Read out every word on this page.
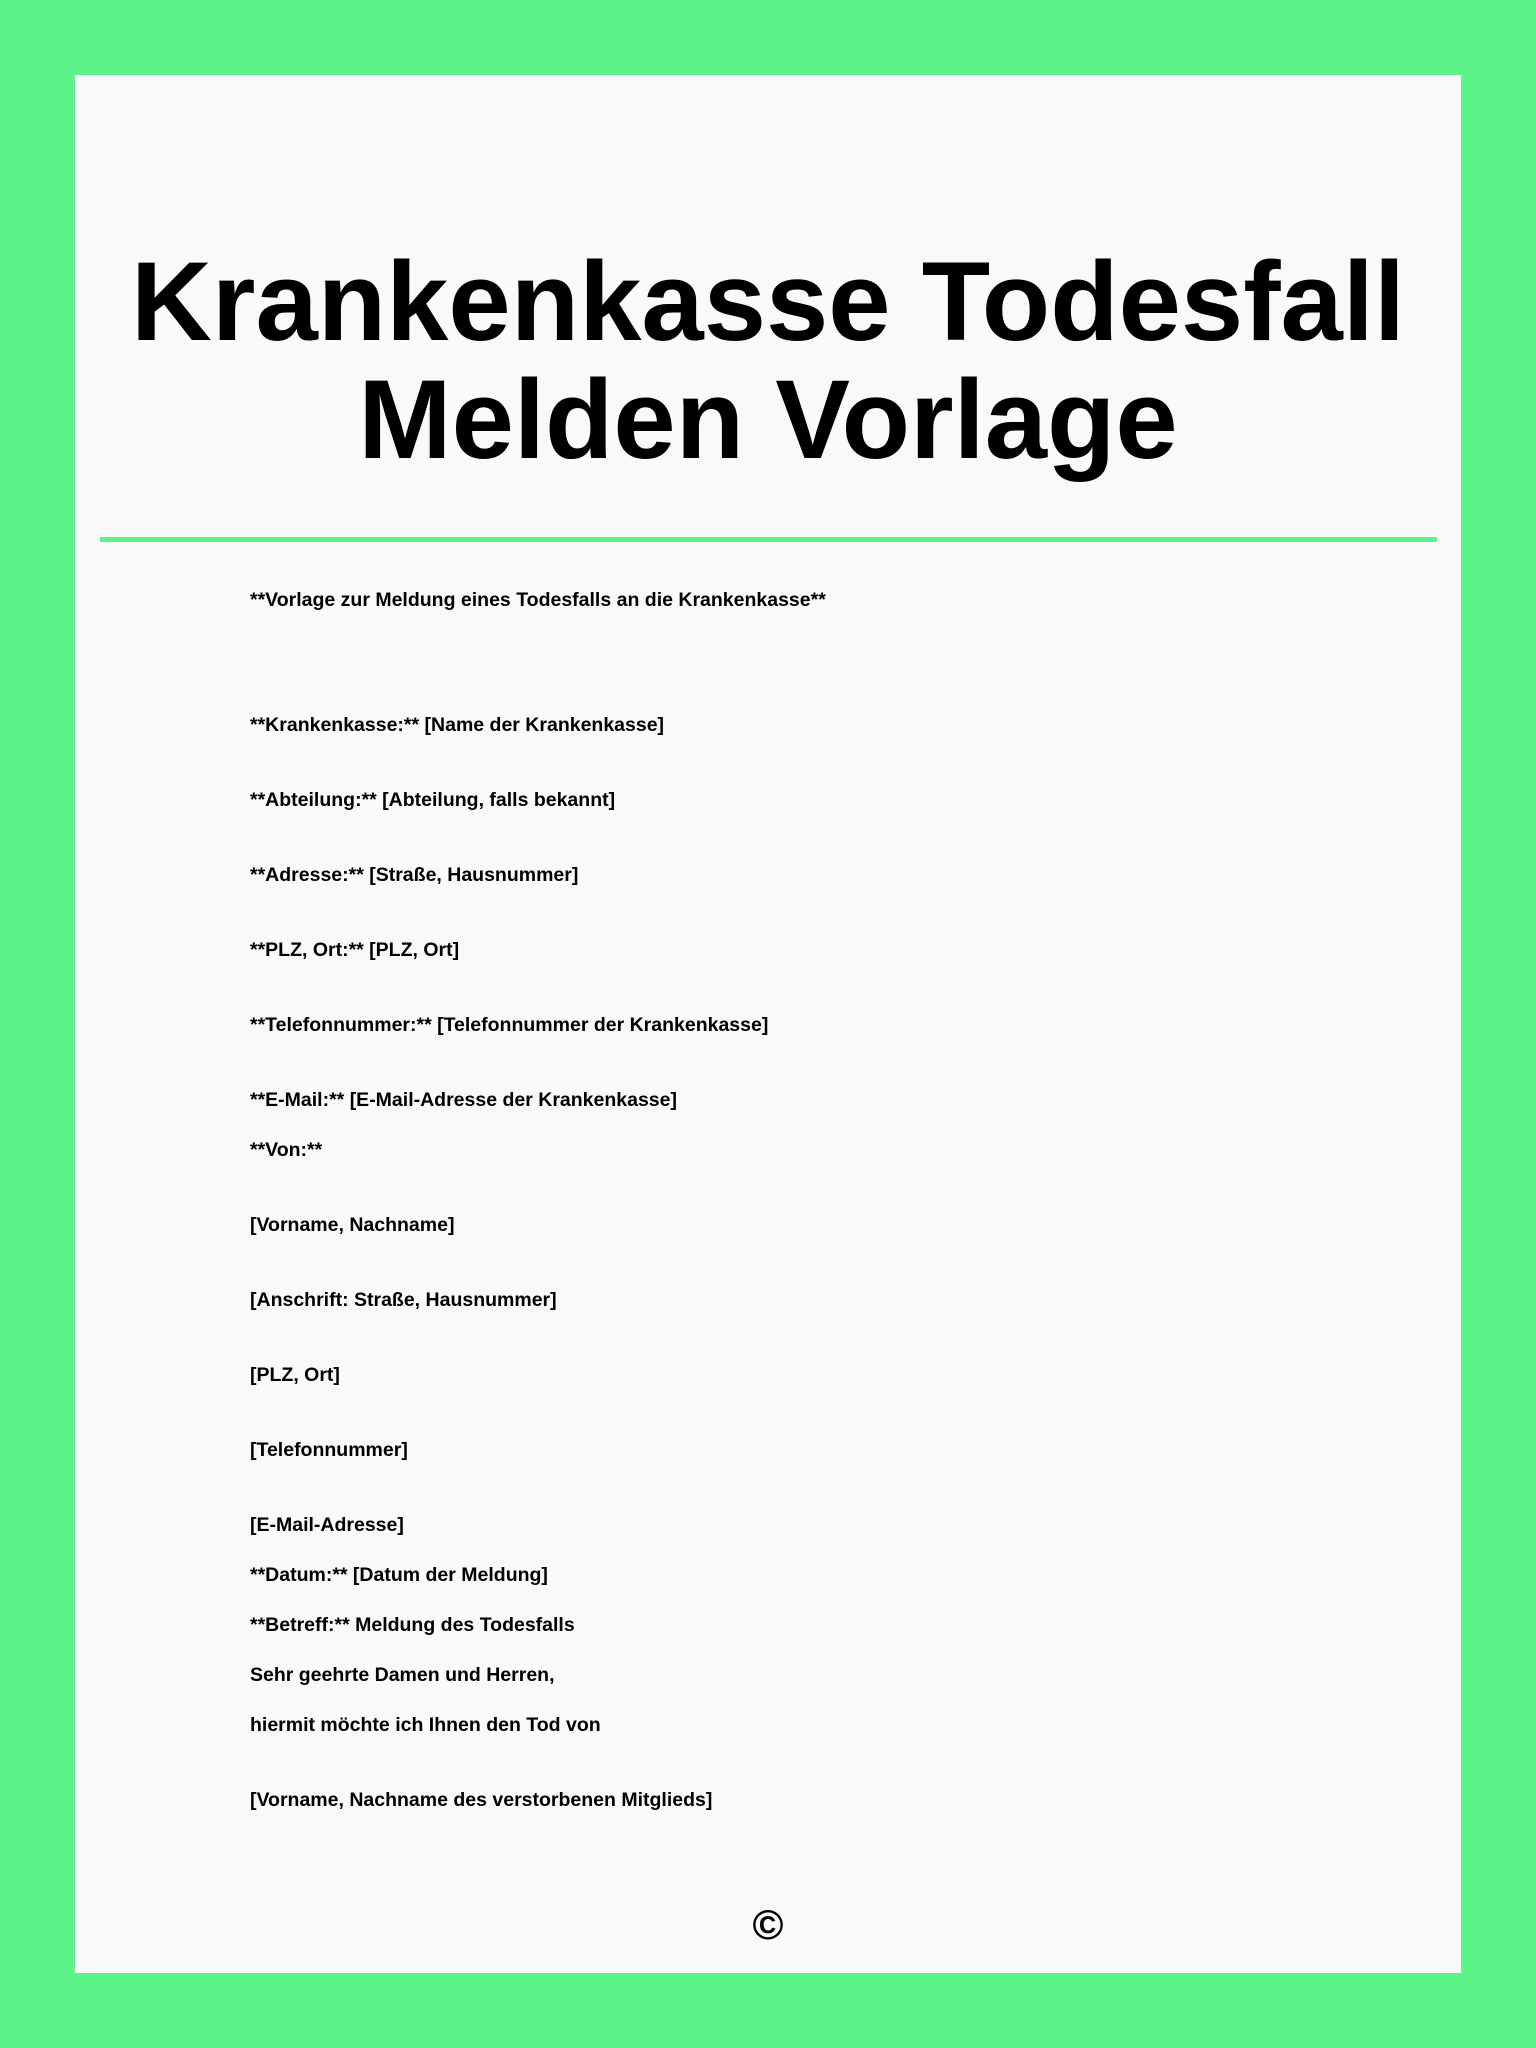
Krankenkasse Todesfall
Melden Vorlage
**Vorlage zur Meldung eines Todesfalls an die Krankenkasse**
**Krankenkasse:** [Name der Krankenkasse]
**Abteilung:** [Abteilung, falls bekannt]
**Adresse:** [Straße, Hausnummer]
**PLZ, Ort:** [PLZ, Ort]
**Telefonnummer:** [Telefonnummer der Krankenkasse]
**E-Mail:** [E-Mail-Adresse der Krankenkasse]
**Von:**
[Vorname, Nachname]
[Anschrift: Straße, Hausnummer]
[PLZ, Ort]
[Telefonnummer]
[E-Mail-Adresse]
**Datum:** [Datum der Meldung]
**Betreff:** Meldung des Todesfalls
Sehr geehrte Damen und Herren,
hiermit möchte ich Ihnen den Tod von
[Vorname, Nachname des verstorbenen Mitglieds]
©
